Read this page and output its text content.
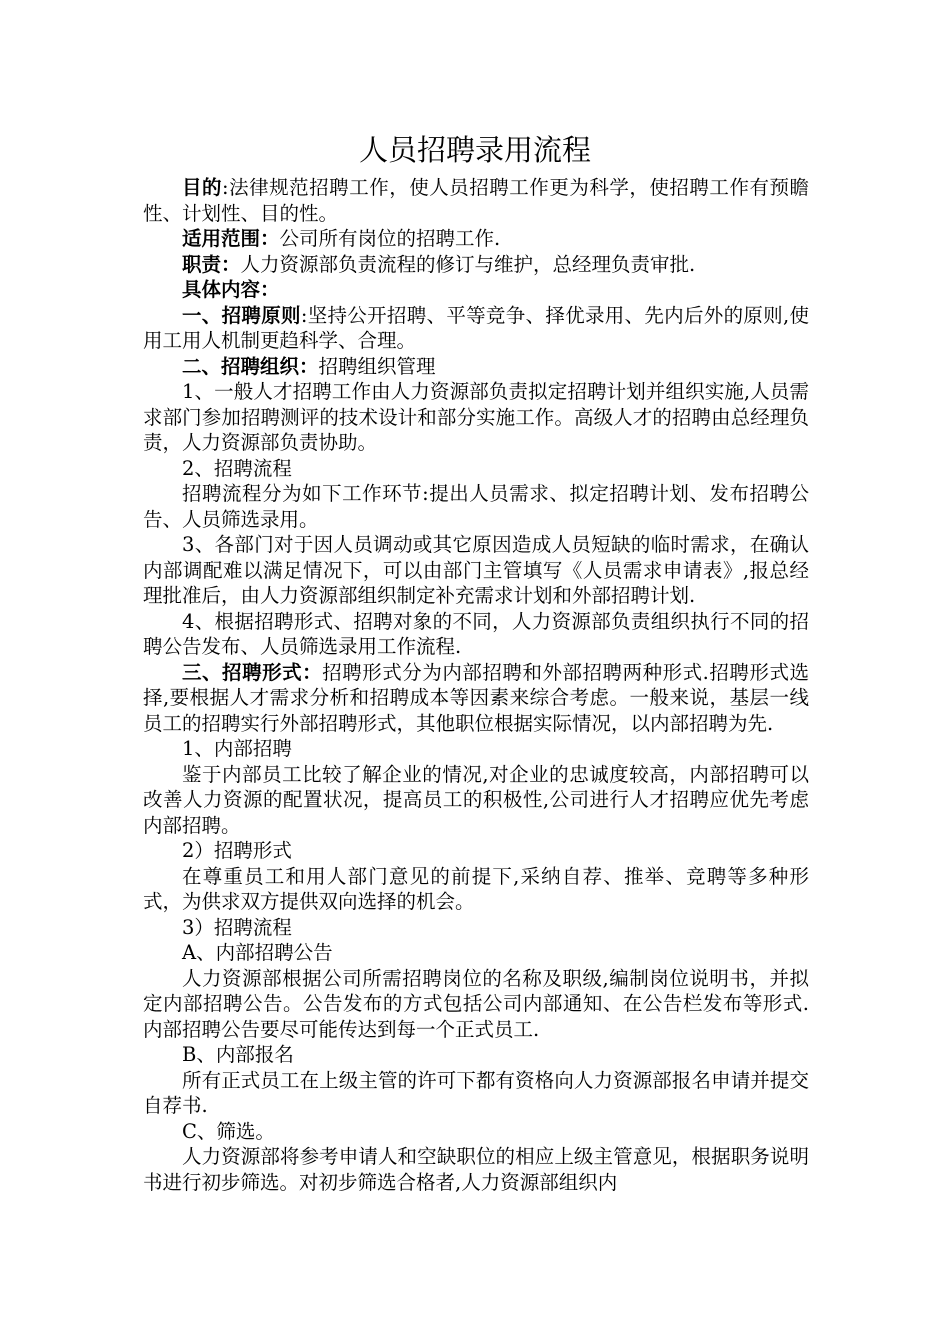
人员招聘录用流程

目的:法律规范招聘工作，使人员招聘工作更为科学，使招聘工作有预瞻性、计划性、目的性。

适用范围：公司所有岗位的招聘工作.

职责：人力资源部负责流程的修订与维护，总经理负责审批.

具体内容：

一、招聘原则:坚持公开招聘、平等竞争、择优录用、先内后外的原则,使用工用人机制更趋科学、合理。

二、招聘组织：招聘组织管理

1、一般人才招聘工作由人力资源部负责拟定招聘计划并组织实施,人员需求部门参加招聘测评的技术设计和部分实施工作。高级人才的招聘由总经理负责，人力资源部负责协助。

2、招聘流程

招聘流程分为如下工作环节:提出人员需求、拟定招聘计划、发布招聘公告、人员筛选录用。

3、各部门对于因人员调动或其它原因造成人员短缺的临时需求，在确认内部调配难以满足情况下，可以由部门主管填写《人员需求申请表》,报总经理批准后，由人力资源部组织制定补充需求计划和外部招聘计划.

4、根据招聘形式、招聘对象的不同，人力资源部负责组织执行不同的招聘公告发布、人员筛选录用工作流程.

三、招聘形式：招聘形式分为内部招聘和外部招聘两种形式.招聘形式选择,要根据人才需求分析和招聘成本等因素来综合考虑。一般来说，基层一线员工的招聘实行外部招聘形式，其他职位根据实际情况，以内部招聘为先.

1、内部招聘

鉴于内部员工比较了解企业的情况,对企业的忠诚度较高，内部招聘可以改善人力资源的配置状况，提高员工的积极性,公司进行人才招聘应优先考虑内部招聘。

2）招聘形式

在尊重员工和用人部门意见的前提下,采纳自荐、推举、竞聘等多种形式，为供求双方提供双向选择的机会。

3）招聘流程

A、内部招聘公告

人力资源部根据公司所需招聘岗位的名称及职级,编制岗位说明书，并拟定内部招聘公告。公告发布的方式包括公司内部通知、在公告栏发布等形式.内部招聘公告要尽可能传达到每一个正式员工.

B、内部报名

所有正式员工在上级主管的许可下都有资格向人力资源部报名申请并提交自荐书.

C、筛选。

人力资源部将参考申请人和空缺职位的相应上级主管意见，根据职务说明书进行初步筛选。对初步筛选合格者,人力资源部组织内
